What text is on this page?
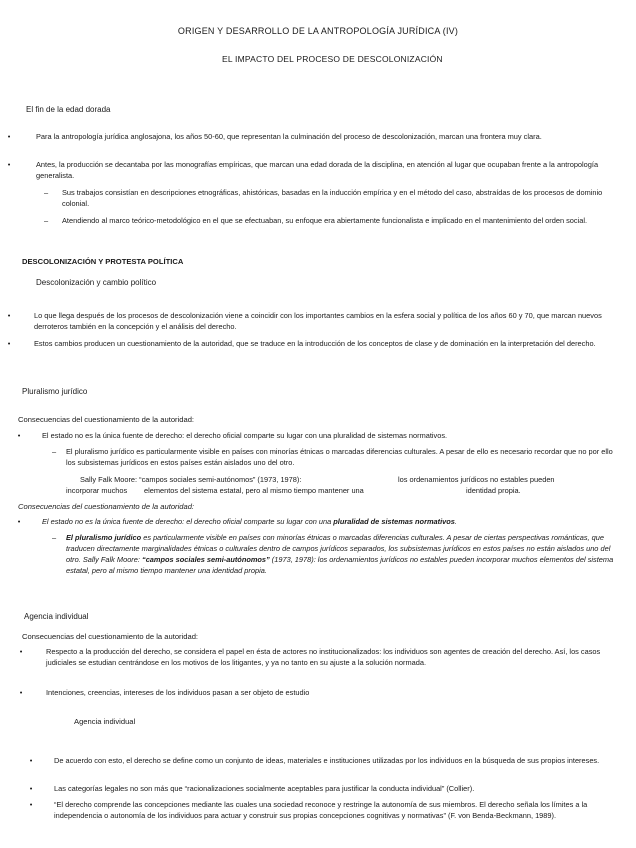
ORIGEN Y DESARROLLO DE LA ANTROPOLOGÍA JURÍDICA (IV)
EL IMPACTO DEL PROCESO DE DESCOLONIZACIÓN
El fin de la edad dorada
•	Para la antropología jurídica anglosajona, los años 50-60, que representan la culminación del proceso de descolonización, marcan una frontera muy clara.
•	Antes, la producción se decantaba por las monografías empíricas, que marcan una edad dorada de la disciplina, en atención al lugar que ocupaban frente a la antropología generalista.
– Sus trabajos consistían en descripciones etnográficas, ahistóricas, basadas en la inducción empírica y en el método del caso, abstraídas de los procesos de dominio colonial.
– Atendiendo al marco teórico-metodológico en el que se efectuaban, su enfoque era abiertamente funcionalista e implicado en el mantenimiento del orden social.
DESCOLONIZACIÓN Y PROTESTA POLÍTICA
Descolonización y cambio político
•	Lo que llega después de los procesos de descolonización viene a coincidir con los importantes cambios en la esfera social y política de los años 60 y 70, que marcan nuevos derroteros también en la concepción y el análisis del derecho.
•	Estos cambios producen un cuestionamiento de la autoridad, que se traduce en la introducción de los conceptos de clase y de dominación en la interpretación del derecho.
Pluralismo jurídico
Consecuencias del cuestionamiento de la autoridad:
•	El estado no es la única fuente de derecho: el derecho oficial comparte su lugar con una pluralidad de sistemas normativos.
– El pluralismo jurídico es particularmente visible en países con minorías étnicas o marcadas diferencias culturales. A pesar de ello es necesario recordar que no por ello los subsistemas jurídicos en estos países están aislados uno del otro.
Sally Falk Moore: “campos sociales semi-autónomos” (1973, 1978):	los ordenamientos jurídicos no estables pueden
incorporar muchos elementos del sistema estatal, pero al mismo tiempo mantener una	identidad propia.
Consecuencias del cuestionamiento de la autoridad:
•	El estado no es la única fuente de derecho: el derecho oficial comparte su lugar con una pluralidad de sistemas normativos.
– El pluralismo jurídico es particularmente visible en países con minorías étnicas o marcadas diferencias culturales. A pesar de ciertas perspectivas románticas, que traducen directamente marginalidades étnicas o culturales dentro de campos jurídicos separados, los subsistemas jurídicos en estos países no están aislados uno del otro. Sally Falk Moore: “campos sociales semi-autónomos” (1973, 1978): los ordenamientos jurídicos no estables pueden incorporar muchos elementos del sistema estatal, pero al mismo tiempo mantener una identidad propia.
Agencia individual
Consecuencias del cuestionamiento de la autoridad:
•	Respecto a la producción del derecho, se considera el papel en ésta de actores no institucionalizados: los individuos son agentes de creación del derecho. Así, los casos judiciales se estudian centrándose en los motivos de los litigantes, y ya no tanto en su ajuste a la solución normada.
•	Intenciones, creencias, intereses de los individuos pasan a ser objeto de estudio
Agencia individual
•	De acuerdo con esto, el derecho se define como un conjunto de ideas, materiales e instituciones utilizadas por los individuos en la búsqueda de sus propios intereses.
•	Las categorías legales no son más que “racionalizaciones socialmente aceptables para justificar la conducta individual” (Collier).
•	“El derecho comprende las concepciones mediante las cuales una sociedad reconoce y restringe la autonomía de sus miembros. El derecho señala los límites a la independencia o autonomía de los individuos para actuar y construir sus propias concepciones cognitivas y normativas” (F. von Benda-Beckmann, 1989).
